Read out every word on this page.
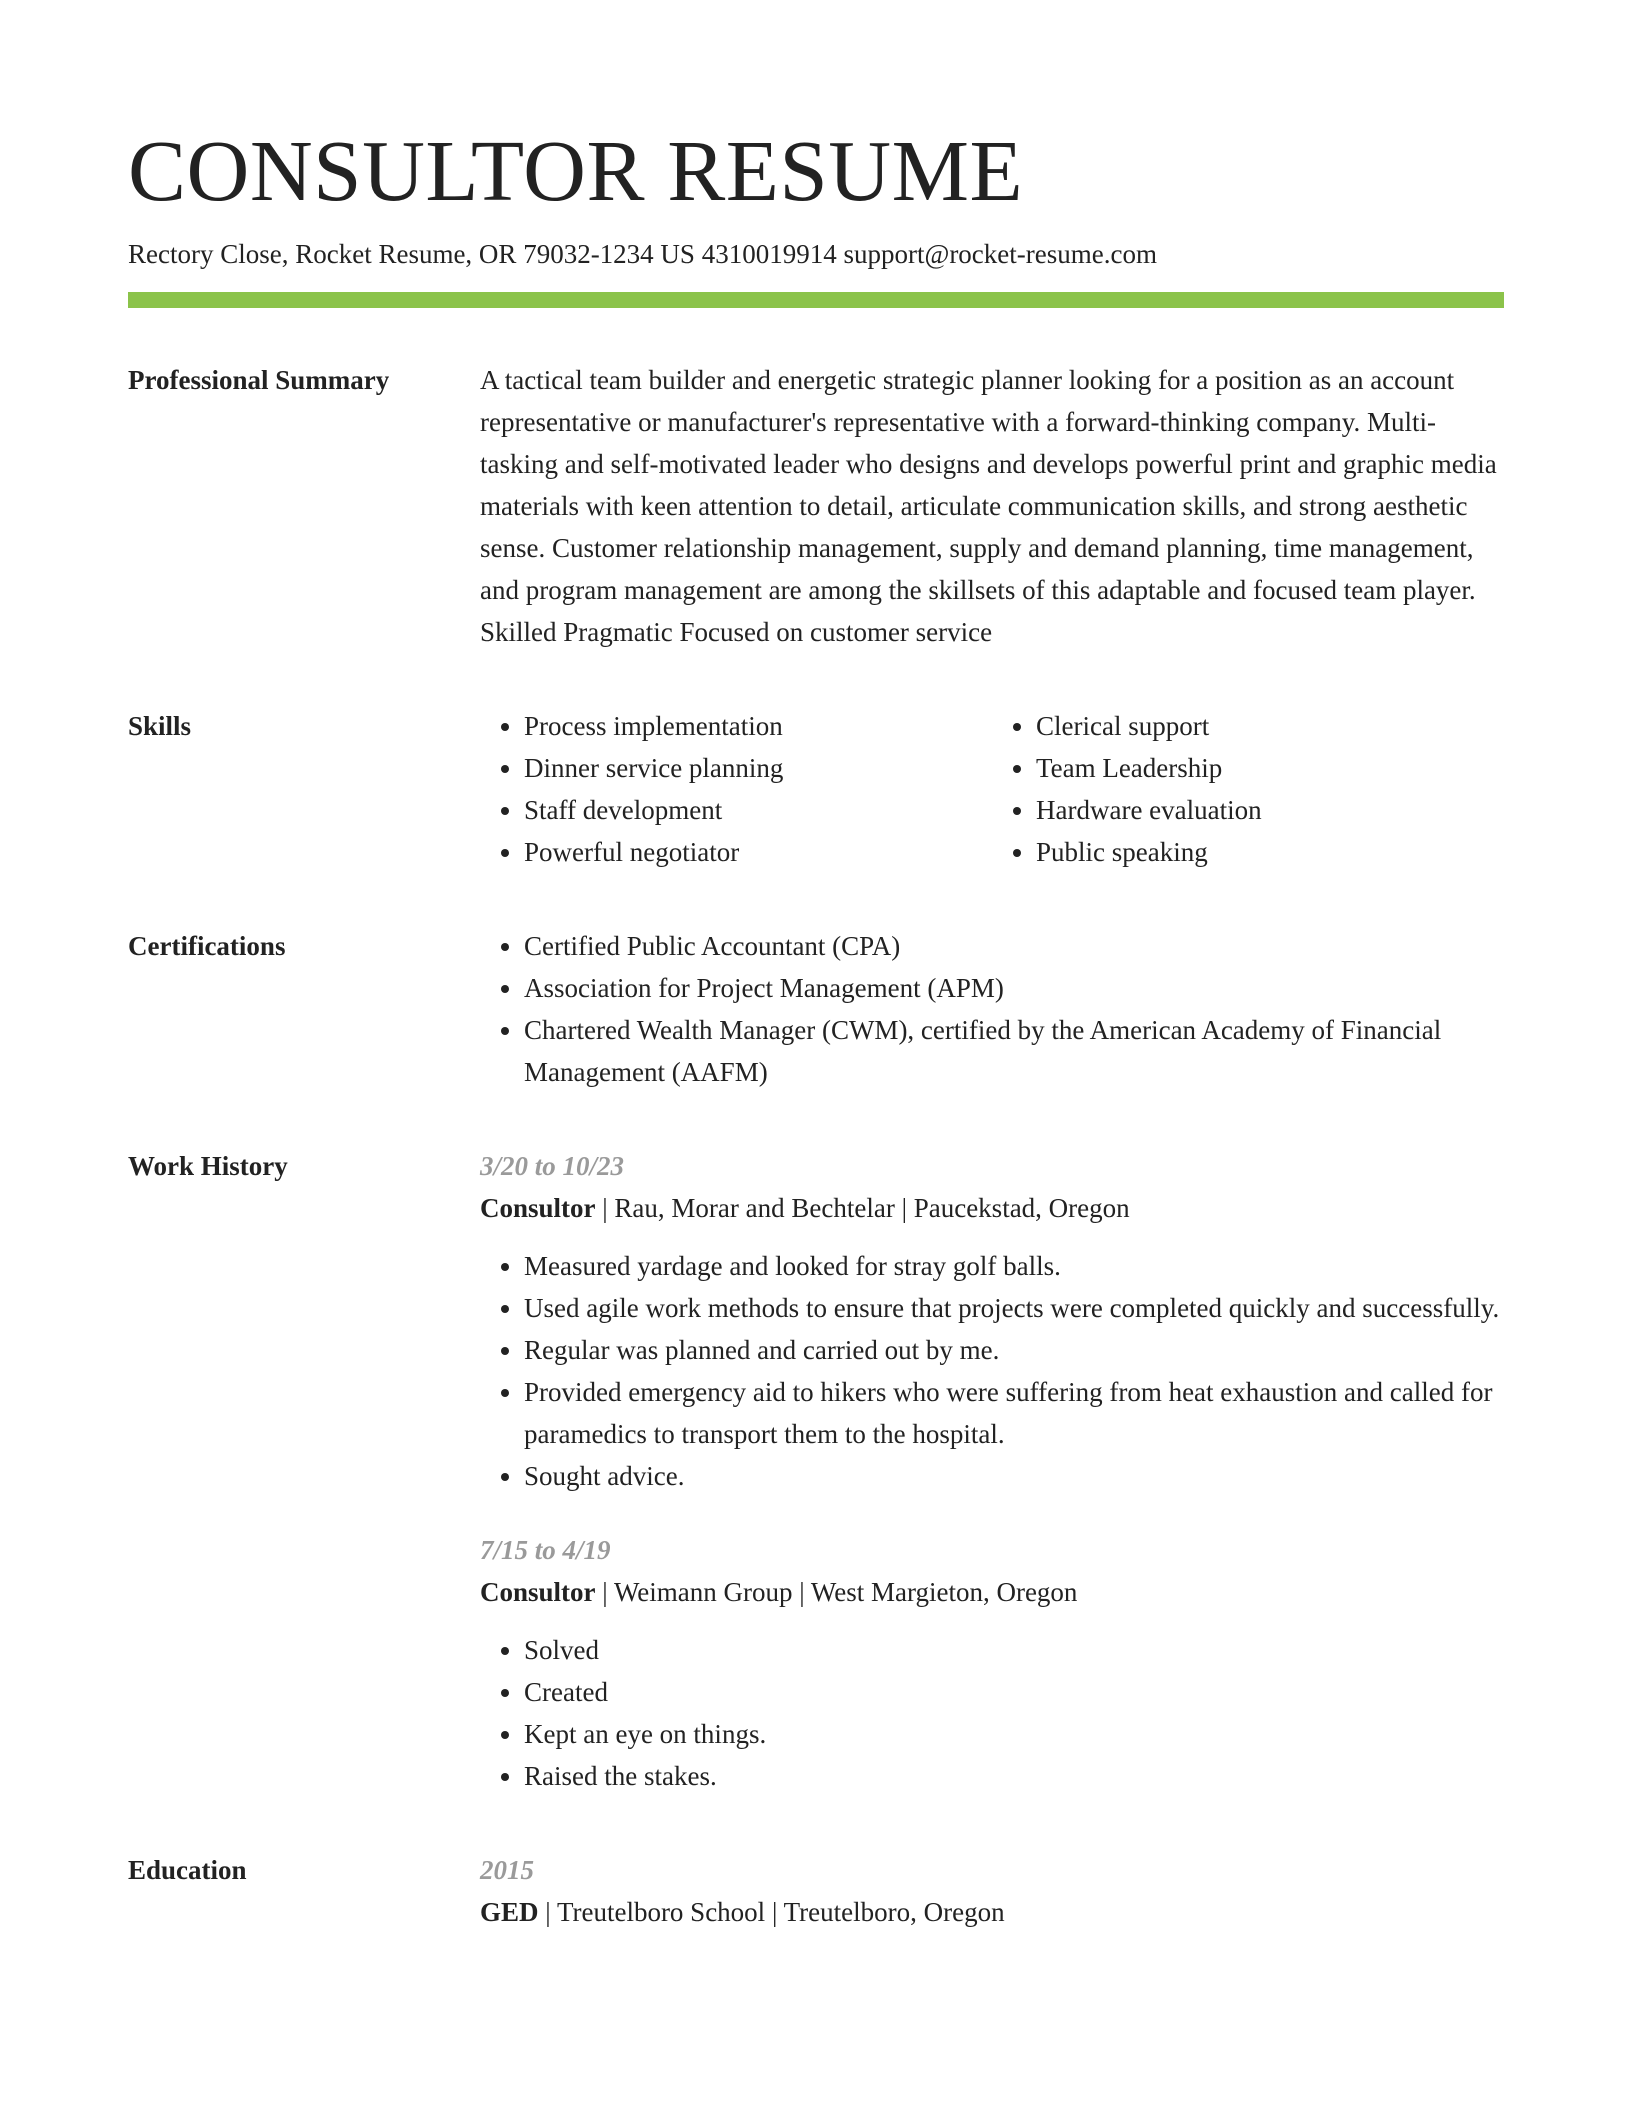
CONSULTOR RESUME
Rectory Close, Rocket Resume, OR 79032-1234 US 4310019914 support@rocket-resume.com
Professional Summary	A tactical team builder and energetic strategic planner looking for a position as an account representative or manufacturer's representative with a forward-thinking company. Multi-tasking and self-motivated leader who designs and develops powerful print and graphic media materials with keen attention to detail, articulate communication skills, and strong aesthetic sense. Customer relationship management, supply and demand planning, time management, and program management are among the skillsets of this adaptable and focused team player. Skilled Pragmatic Focused on customer service

Skills	• Process implementation
• Dinner service planning
• Staff development
• Powerful negotiator
• Clerical support
• Team Leadership
• Hardware evaluation
• Public speaking
Certifications	• Certified Public Accountant (CPA)
• Association for Project Management (APM)
• Chartered Wealth Manager (CWM), certified by the American Academy of Financial Management (AAFM)
Work History	3/20 to 10/23
Consultor | Rau, Morar and Bechtelar | Paucekstad, Oregon
• Measured yardage and looked for stray golf balls.
• Used agile work methods to ensure that projects were completed quickly and successfully.
• Regular was planned and carried out by me.
• Provided emergency aid to hikers who were suffering from heat exhaustion and called for paramedics to transport them to the hospital.
• Sought advice.
7/15 to 4/19
Consultor | Weimann Group | West Margieton, Oregon
• Solved
• Created
• Kept an eye on things.
• Raised the stakes.
Education	2015
GED | Treutelboro School | Treutelboro, Oregon
